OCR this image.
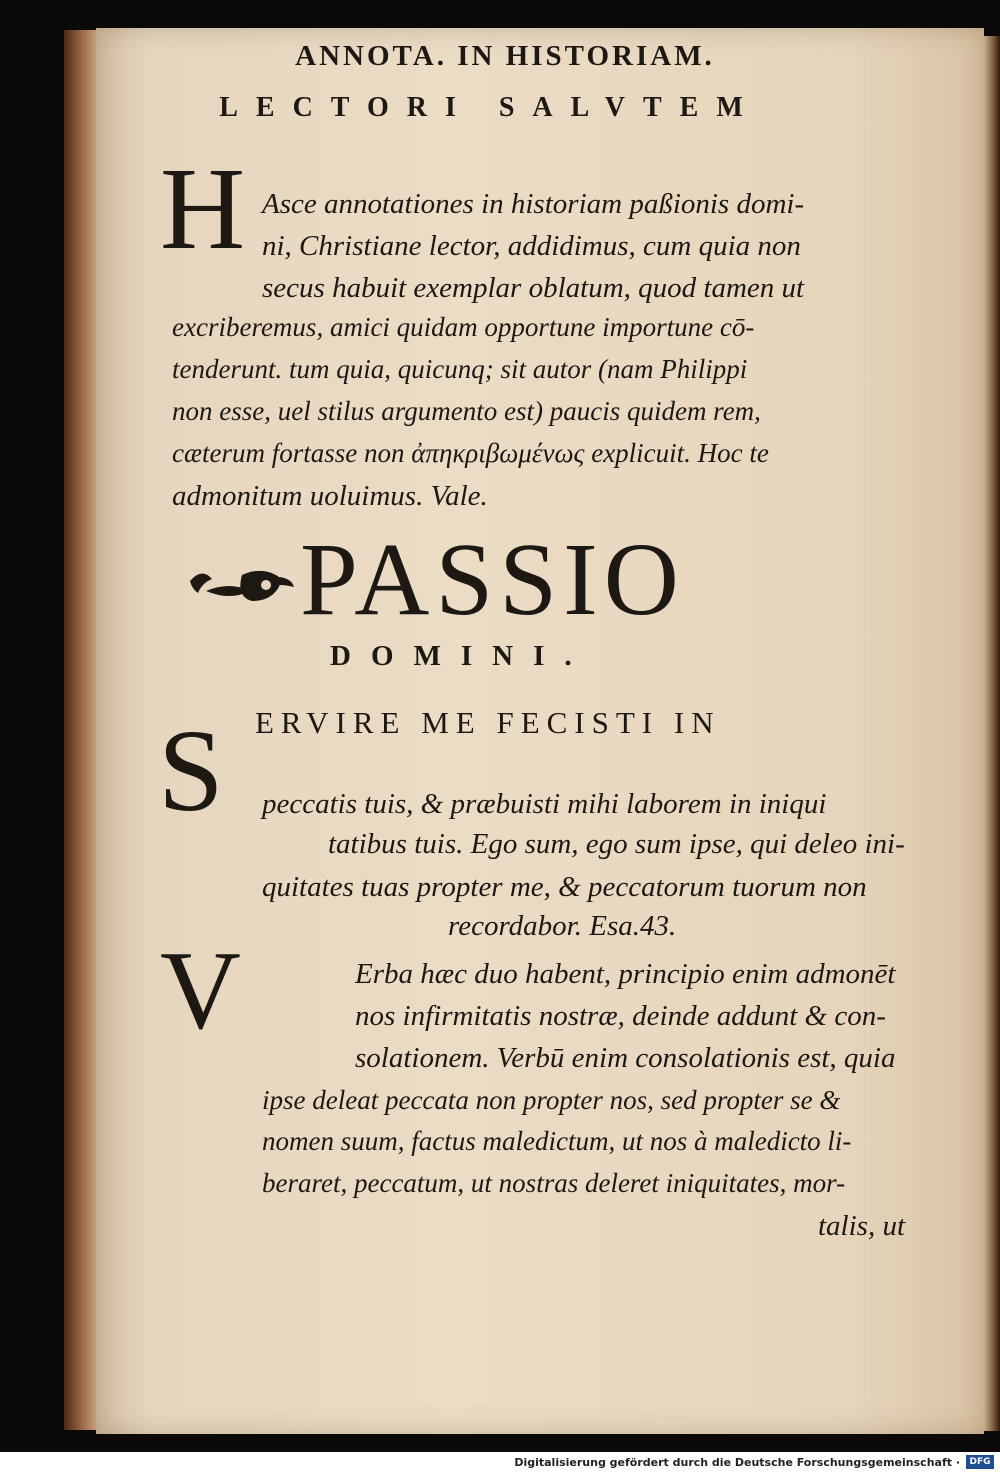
ANNOTA. IN HISTORIAM.
LECTORI SALVTEM
H Asce annotationes in historiam paßionis domi-
ni, Christiane lector, addidimus, cum quia non
secus habuit exemplar oblatum, quod tamen ut
excriberemus, amici quidam opportune importune cō-
tenderunt. tum quia, quicunq; sit autor (nam Philippi
non esse, uel stilus argumento est) paucis quidem rem,
cæterum fortasse non ἀπηκριβωμένως explicuit. Hoc te
admonitum uoluimus. Vale.
PASSIO
DOMINI.
S ERVIRE ME FECISTI IN
peccatis tuis, & præbuisti mihi laborem in iniqui
tatibus tuis. Ego sum, ego sum ipse, qui deleo ini-
quitates tuas propter me, & peccatorum tuorum non
recordabor. Esa.43.
V	Erba hæc duo habent, principio enim admonēt
nos infirmitatis nostræ, deinde addunt & con-
solationem. Verbū enim consolationis est, quia
ipse deleat peccata non propter nos, sed propter se &
nomen suum, factus maledictum, ut nos à maledicto li-
beraret, peccatum, ut nostras deleret iniquitates, mor-
talis, ut
Digitalisierung gefördert durch die Deutsche Forschungsgemeinschaft ·	DFG
